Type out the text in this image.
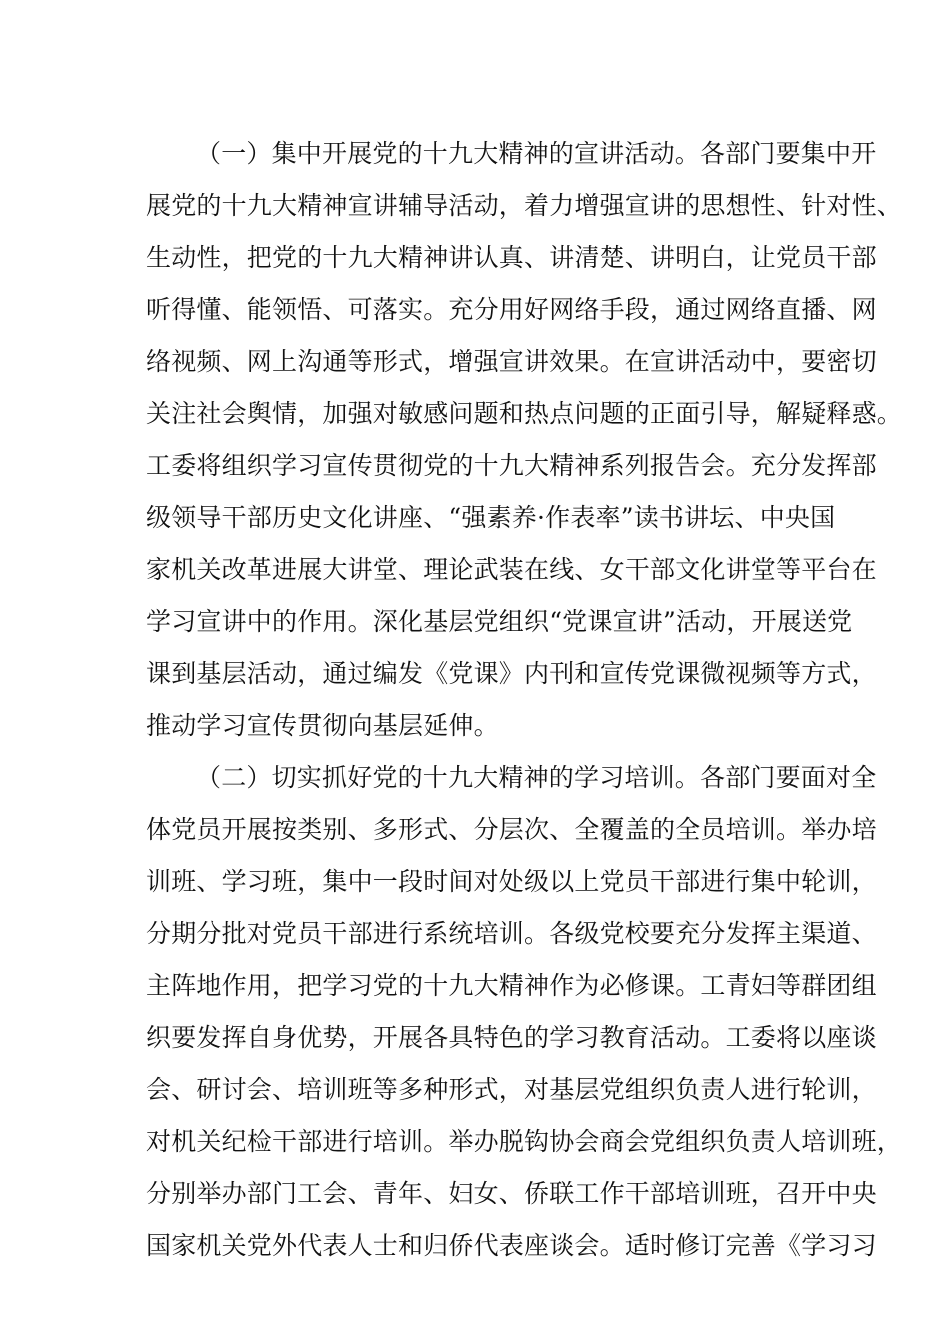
（一）集中开展党的十九大精神的宣讲活动。各部门要集中开
展党的十九大精神宣讲辅导活动，着力增强宣讲的思想性、针对性、
生动性，把党的十九大精神讲认真、讲清楚、讲明白，让党员干部
听得懂、能领悟、可落实。充分用好网络手段，通过网络直播、网
络视频、网上沟通等形式，增强宣讲效果。在宣讲活动中，要密切
关注社会舆情，加强对敏感问题和热点问题的正面引导，解疑释惑。
工委将组织学习宣传贯彻党的十九大精神系列报告会。充分发挥部
级领导干部历史文化讲座、“强素养·作表率”读书讲坛、中央国
家机关改革进展大讲堂、理论武装在线、女干部文化讲堂等平台在
学习宣讲中的作用。深化基层党组织“党课宣讲”活动，开展送党
课到基层活动，通过编发《党课》内刊和宣传党课微视频等方式，
推动学习宣传贯彻向基层延伸。
（二）切实抓好党的十九大精神的学习培训。各部门要面对全
体党员开展按类别、多形式、分层次、全覆盖的全员培训。举办培
训班、学习班，集中一段时间对处级以上党员干部进行集中轮训，
分期分批对党员干部进行系统培训。各级党校要充分发挥主渠道、
主阵地作用，把学习党的十九大精神作为必修课。工青妇等群团组
织要发挥自身优势，开展各具特色的学习教育活动。工委将以座谈
会、研讨会、培训班等多种形式，对基层党组织负责人进行轮训，
对机关纪检干部进行培训。举办脱钩协会商会党组织负责人培训班，
分别举办部门工会、青年、妇女、侨联工作干部培训班，召开中央
国家机关党外代表人士和归侨代表座谈会。适时修订完善《学习习
